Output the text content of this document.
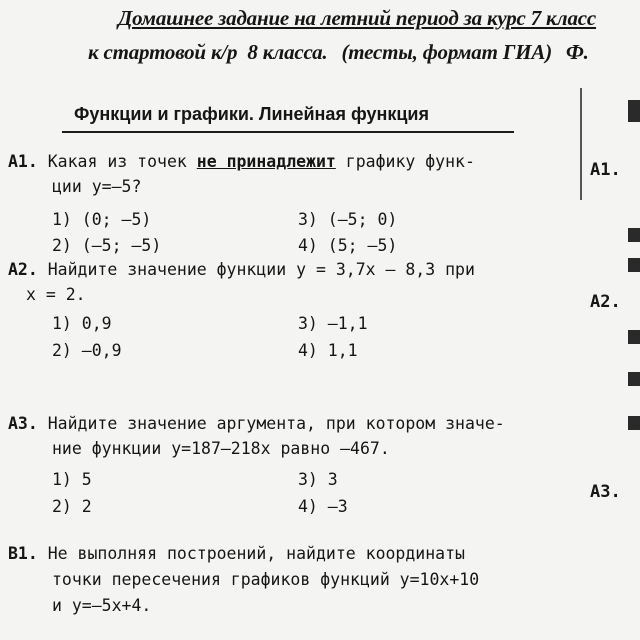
Домашнее задание на летний период за курс 7 класс
к стартовой к/р 8 класса. (тесты, формат ГИА) Ф.
Функции и графики. Линейная функция
А1. Какая из точек не принадлежит графику функ-
ции y=–5?
1) (0; –5)	3) (–5; 0)
2) (–5; –5)	4) (5; –5)
А2. Найдите значение функции y = 3,7x – 8,3 при
x = 2.
1) 0,9	3) –1,1
2) –0,9	4) 1,1
А3. Найдите значение аргумента, при котором значе-
ние функции y=187–218x равно –467.
1) 5	3) 3
2) 2	4) –3
В1. Не выполняя построений, найдите координаты
точки пересечения графиков функций y=10x+10
и y=–5x+4.
А1.
А2.
А3.
